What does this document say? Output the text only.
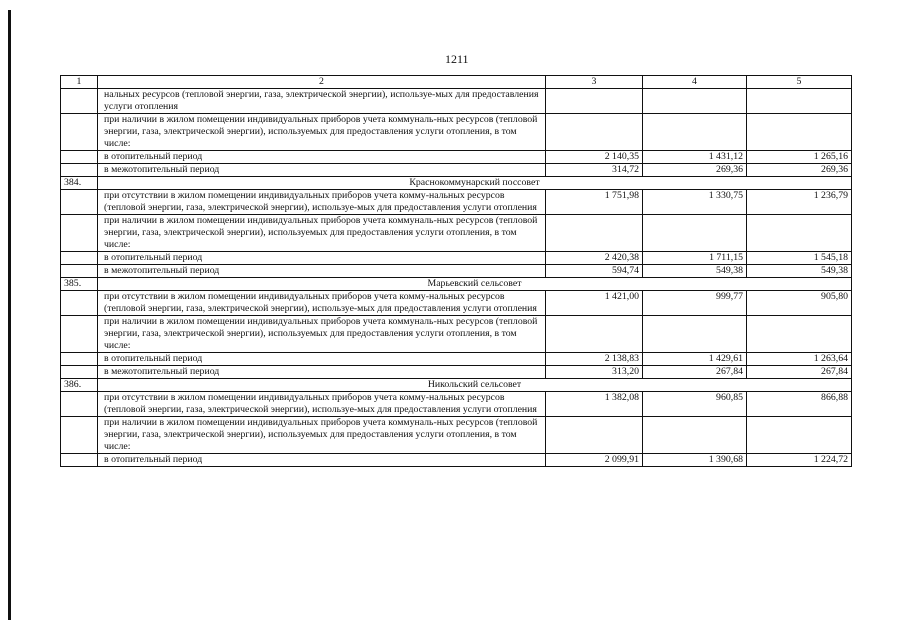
1211
1	2	3	4	5
	нальных ресурсов (тепловой энергии, газа, электрической энергии), используе-мых для предоставления услуги отопления			
	при наличии в жилом помещении индивидуальных приборов учета коммуналь-ных ресурсов (тепловой энергии, газа, электрической энергии), используемых для предоставления услуги отопления, в том числе:			
	в отопительный период	2 140,35	1 431,12	1 265,16
	в межотопительный период	314,72	269,36	269,36
384.	Краснокоммунарский поссовет			
	при отсутствии в жилом помещении индивидуальных приборов учета комму-нальных ресурсов (тепловой энергии, газа, электрической энергии), используе-мых для предоставления услуги отопления	1 751,98	1 330,75	1 236,79
	при наличии в жилом помещении индивидуальных приборов учета коммуналь-ных ресурсов (тепловой энергии, газа, электрической энергии), используемых для предоставления услуги отопления, в том числе:			
	в отопительный период	2 420,38	1 711,15	1 545,18
	в межотопительный период	594,74	549,38	549,38
385.	Марьевский сельсовет			
	при отсутствии в жилом помещении индивидуальных приборов учета комму-нальных ресурсов (тепловой энергии, газа, электрической энергии), используе-мых для предоставления услуги отопления	1 421,00	999,77	905,80
	при наличии в жилом помещении индивидуальных приборов учета коммуналь-ных ресурсов (тепловой энергии, газа, электрической энергии), используемых для предоставления услуги отопления, в том числе:			
	в отопительный период	2 138,83	1 429,61	1 263,64
	в межотопительный период	313,20	267,84	267,84
386.	Никольский сельсовет			
	при отсутствии в жилом помещении индивидуальных приборов учета комму-нальных ресурсов (тепловой энергии, газа, электрической энергии), используе-мых для предоставления услуги отопления	1 382,08	960,85	866,88
	при наличии в жилом помещении индивидуальных приборов учета коммуналь-ных ресурсов (тепловой энергии, газа, электрической энергии), используемых для предоставления услуги отопления, в том числе:			
	в отопительный период	2 099,91	1 390,68	1 224,72
